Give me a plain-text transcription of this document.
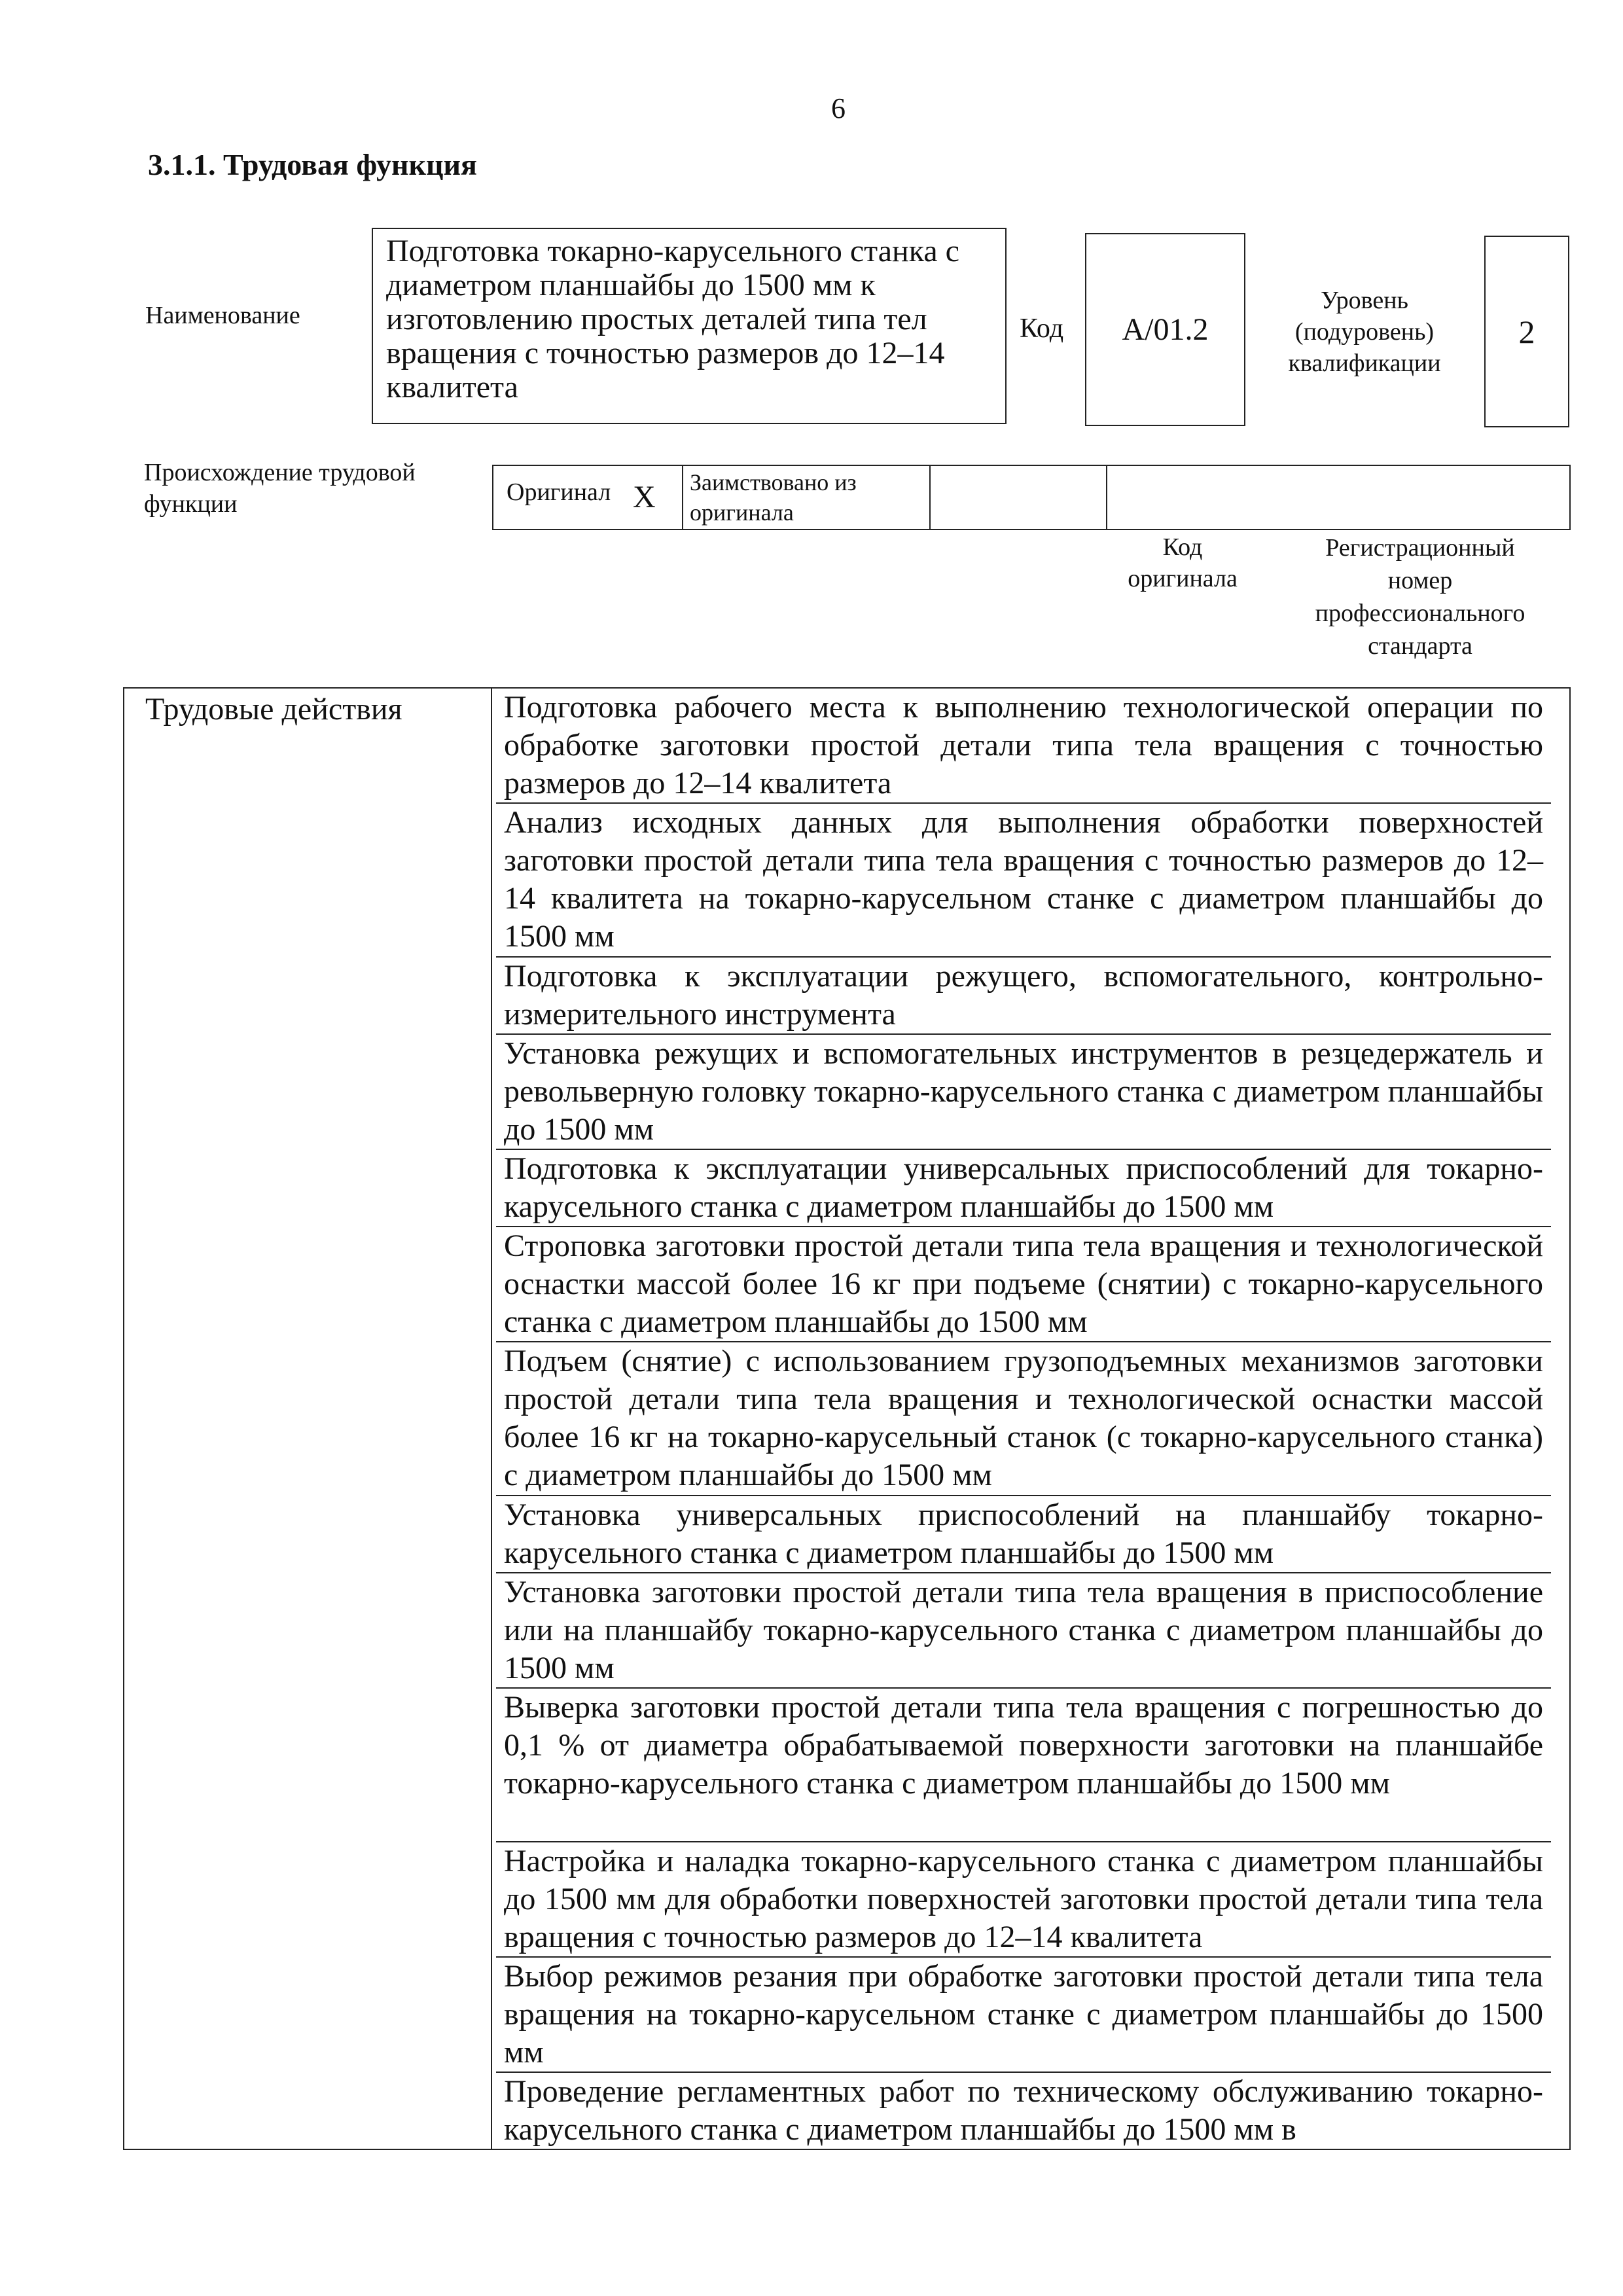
6
3.1.1. Трудовая функция
Наименование
Подготовка токарно-карусельного станка с диаметром планшайбы до 1500 мм к изготовлению простых деталей типа тел вращения с точностью размеров до 12–14 квалитета
Код А/01.2
Уровень (подуровень) квалификации
2
Происхождение трудовой функции	Оригинал X	Заимствовано из оригинала
Код оригинала
Регистрационный номер профессионального стандарта
Трудовые действия	Подготовка рабочего места к выполнению технологической операции по обработке заготовки простой детали типа тела вращения с точностью размеров до 12–14 квалитета
Анализ исходных данных для выполнения обработки поверхностей заготовки простой детали типа тела вращения с точностью размеров до 12–14 квалитета на токарно-карусельном станке с диаметром планшайбы до 1500 мм
Подготовка к эксплуатации режущего, вспомогательного, контрольно-измерительного инструмента
Установка режущих и вспомогательных инструментов в резцедержатель и револьверную головку токарно-карусельного станка с диаметром планшайбы до 1500 мм
Подготовка к эксплуатации универсальных приспособлений для токарно-карусельного станка с диаметром планшайбы до 1500 мм
Строповка заготовки простой детали типа тела вращения и технологической оснастки массой более 16 кг при подъеме (снятии) с токарно-карусельного станка с диаметром планшайбы до 1500 мм
Подъем (снятие) с использованием грузоподъемных механизмов заготовки простой детали типа тела вращения и технологической оснастки массой более 16 кг на токарно-карусельный станок (с токарно-карусельного станка) с диаметром планшайбы до 1500 мм
Установка универсальных приспособлений на планшайбу токарно-карусельного станка с диаметром планшайбы до 1500 мм
Установка заготовки простой детали типа тела вращения в приспособление или на планшайбу токарно-карусельного станка с диаметром планшайбы до 1500 мм
Выверка заготовки простой детали типа тела вращения с погрешностью до 0,1 % от диаметра обрабатываемой поверхности заготовки на планшайбе токарно-карусельного станка с диаметром планшайбы до 1500 мм
Настройка и наладка токарно-карусельного станка с диаметром планшайбы до 1500 мм для обработки поверхностей заготовки простой детали типа тела вращения с точностью размеров до 12–14 квалитета
Выбор режимов резания при обработке заготовки простой детали типа тела вращения на токарно-карусельном станке с диаметром планшайбы до 1500 мм
Проведение регламентных работ по техническому обслуживанию токарно-карусельного станка с диаметром планшайбы до 1500 мм в
